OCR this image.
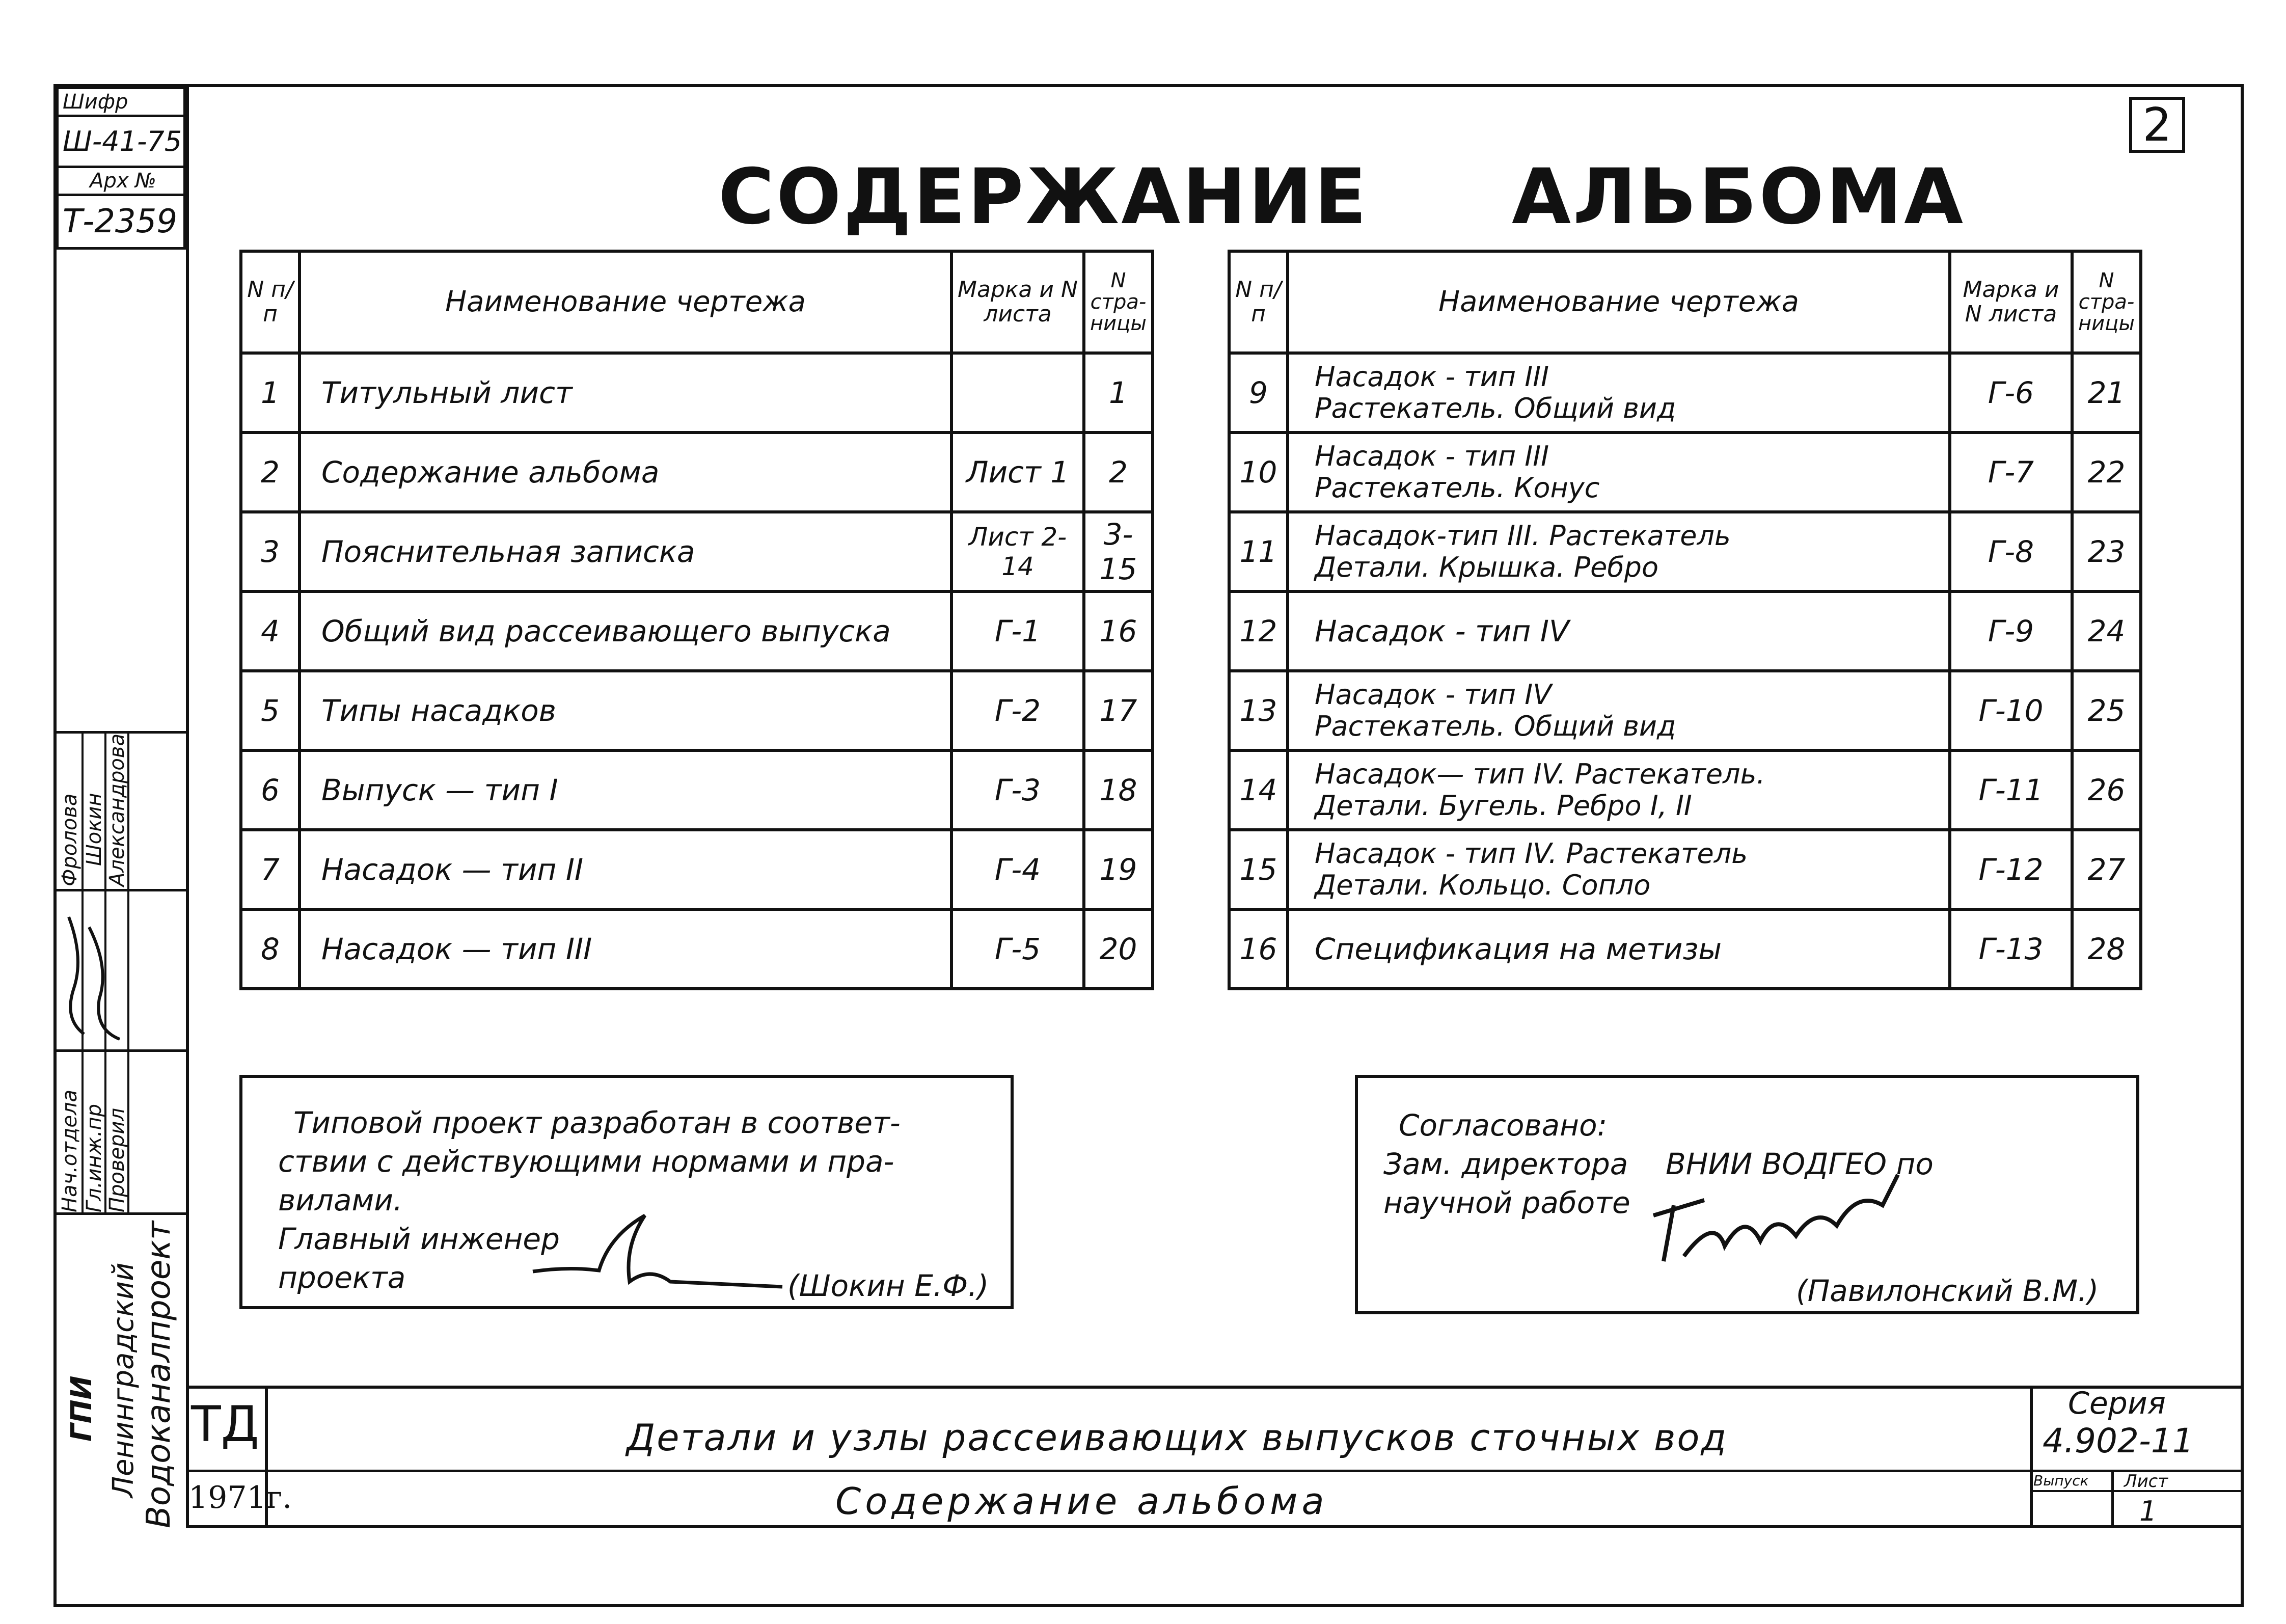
Шифр
Ш-41-75
Арх №
Т-2359
2
СОДЕРЖАНИЕ     АЛЬБОМА
N п/п	Наименование чертежа	Марка и N листа	N стра- ницы
1	Титульный лист		1
2	Содержание альбома	Лист 1	2
3	Пояснительная записка	Лист 2-14	3-15
4	Общий вид рассеивающего выпуска	Г-1	16
5	Типы насадков	Г-2	17
6	Выпуск — тип I	Г-3	18
7	Насадок — тип II	Г-4	19
8	Насадок — тип III	Г-5	20
N п/п	Наименование чертежа	Марка и N листа	N стра- ницы
9	Насадок - тип III
Растекатель. Общий вид	Г-6	21
10	Насадок - тип III
Растекатель. Конус	Г-7	22
11	Насадок-тип III. Растекатель
Детали. Крышка. Ребро	Г-8	23
12	Насадок - тип IV	Г-9	24
13	Насадок - тип IV
Растекатель. Общий вид	Г-10	25
14	Насадок— тип IV. Растекатель.
Детали. Бугель. Ребро I, II	Г-11	26
15	Насадок - тип IV. Растекатель
Детали. Кольцо. Сопло	Г-12	27
16	Спецификация на метизы	Г-13	28
Типовой проект разработан в соответ-
ствии с действующими нормами и пра-
вилами.
Главный инженер
проекта	(Шокин Е.Ф.)
Согласовано:
Зам. директора    ВНИИ ВОДГЕО по
научной работе
(Павилонский В.М.)
Нач.отдела Гл.инж.пр Проверил
Фролова Шокин Александрова
ГПИ Ленинградский Водоканалпроект ТД
1971г.
Детали и узлы рассеивающих выпусков сточных вод
Содержание альбома
Серия
4.902-11
Выпуск Лист
1
